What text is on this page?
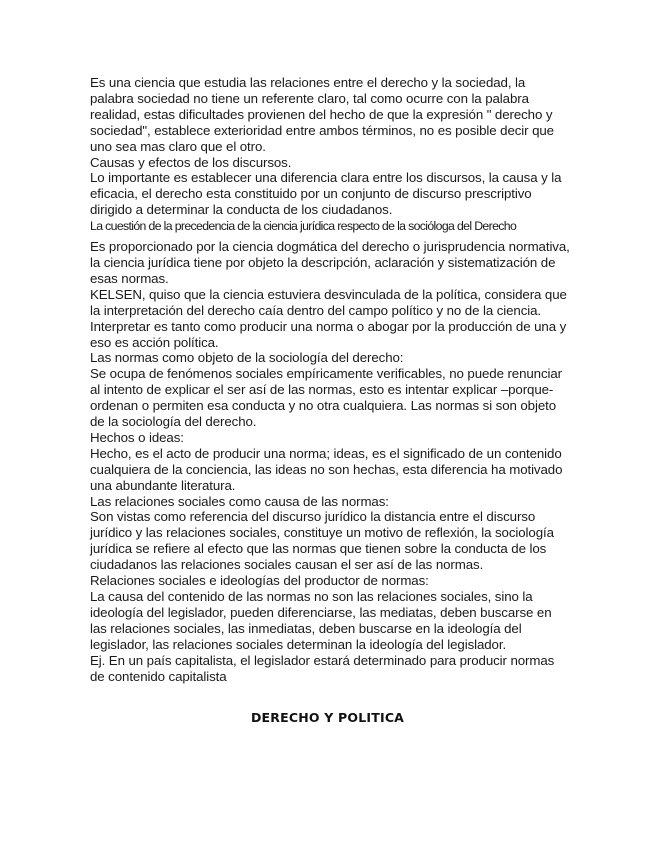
Es una ciencia que estudia las relaciones entre el derecho y la sociedad, la palabra sociedad no tiene un referente claro, tal como ocurre con la palabra realidad, estas dificultades provienen del hecho de que la expresión " derecho y sociedad", establece exterioridad entre ambos términos, no es posible decir que uno sea mas claro que el otro.

Causas y efectos de los discursos.

Lo importante es establecer una diferencia clara entre los discursos, la causa y la eficacia, el derecho esta constituido por un conjunto de discurso prescriptivo dirigido a determinar la conducta de los ciudadanos.

La cuestión de la precedencia de la ciencia jurídica respecto de la sociólogа del Derecho

Es proporcionado por la ciencia dogmática del derecho o jurisprudencia normativa, la ciencia jurídica tiene por objeto la descripción, aclaración y sistematización de esas normas.

KELSEN, quiso que la ciencia estuviera desvinculada de la política, considera que la interpretación del derecho caía dentro del campo político y no de la ciencia. Interpretar es tanto como producir una norma o abogar por la producción de una y eso es acción política.

Las normas como objeto de la sociología del derecho:

Se ocupa de fenómenos sociales empíricamente verificables, no puede renunciar al intento de explicar el ser así de las normas, esto es intentar explicar –porque- ordenan o permiten esa conducta y no otra cualquiera. Las normas si son objeto de la sociología del derecho.

Hechos o ideas:

Hecho, es el acto de producir una norma; ideas, es el significado de un contenido cualquiera de la conciencia, las ideas no son hechas, esta diferencia ha motivado una abundante literatura.

Las relaciones sociales como causa de las normas:

Son vistas como referencia del discurso jurídico la distancia entre el discurso jurídico y las relaciones sociales, constituye un motivo de reflexión, la sociología jurídica se refiere al efecto que las normas que tienen sobre la conducta de los ciudadanos las relaciones sociales causan el ser así de las normas.

Relaciones sociales e ideologías del productor de normas:

La causa del contenido de las normas no son las relaciones sociales, sino la ideología del legislador, pueden diferenciarse, las mediatas, deben buscarse en las relaciones sociales, las inmediatas, deben buscarse en la ideología del legislador, las relaciones sociales determinan la ideología del legislador.

Ej. En un país capitalista, el legislador estará determinado para producir normas de contenido capitalista

DERECHO Y POLITICA
